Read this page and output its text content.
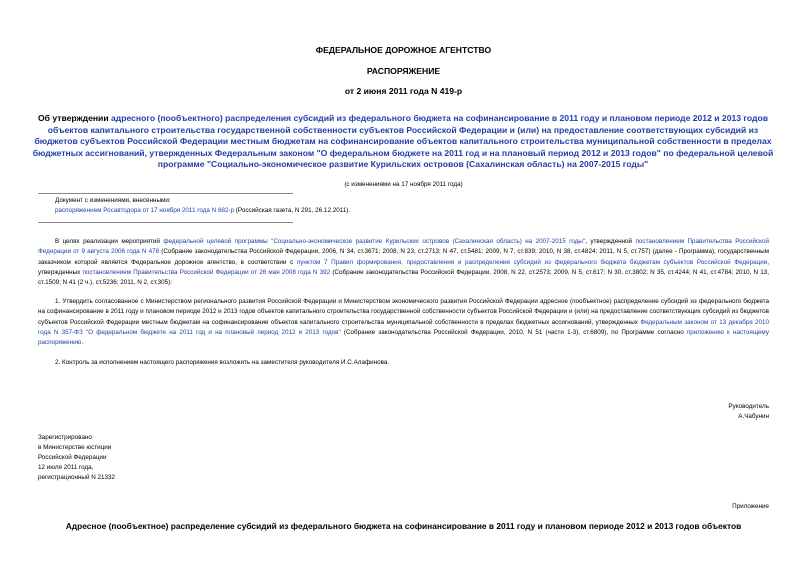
ФЕДЕРАЛЬНОЕ ДОРОЖНОЕ АГЕНТСТВО
РАСПОРЯЖЕНИЕ
от 2 июня 2011 года N 419-р
Об утверждении адресного (пообъектного) распределения субсидий из федерального бюджета на софинансирование в 2011 году и плановом периоде 2012 и 2013 годов объектов капитального строительства государственной собственности субъектов Российской Федерации и (или) на предоставление соответствующих субсидий из бюджетов субъектов Российской Федерации местным бюджетам на софинансирование объектов капитального строительства муниципальной собственности в пределах бюджетных ассигнований, утвержденных Федеральным законом "О федеральном бюджете на 2011 год и на плановый период 2012 и 2013 годов" по федеральной целевой программе "Социально-экономическое развитие Курильских островов (Сахалинская область) на 2007-2015 годы"
(с изменениями на 17 ноября 2011 года)
Документ с изменениями, внесенными:
распоряжением Росавтодора от 17 ноября 2011 года N 882-р (Российская газета, N 291, 26.12.2011).
В целях реализации мероприятий федеральной целевой программы "Социально-экономическое развитие Курильских островов (Сахалинская область) на 2007-2015 годы", утвержденной постановлением Правительства Российской Федерации от 9 августа 2006 года N 478 (Собрание законодательства Российской Федерации, 2006, N 34, ст.3671; 2008, N 23, ст.2713; N 47, ст.5481; 2009, N 7, ст.839; 2010, N 38, ст.4824; 2011, N 5, ст.757) (далее - Программа), государственным заказчиком которой является Федеральное дорожное агентство, в соответствии с пунктом 7 Правил формирования, предоставления и распределения субсидий из федерального бюджета бюджетам субъектов Российской Федерации, утвержденных постановлением Правительства Российской Федерации от 26 мая 2008 года N 392 (Собрание законодательства Российской Федерации, 2008, N 22, ст.2573; 2009, N 5, ст.617; N 30, ст.3802; N 35, ст.4244; N 41, ст.4784; 2010, N 13, ст.1509; N 41 (2 ч.), ст.5236; 2011, N 2, ст.305):
1. Утвердить согласованное с Министерством регионального развития Российской Федерации и Министерством экономического развития Российской Федерации адресное (пообъектное) распределение субсидий из федерального бюджета на софинансирование в 2011 году и плановом периоде 2012 и 2013 годов объектов капитального строительства государственной собственности субъектов Российской Федерации и (или) на предоставление соответствующих субсидий из бюджетов субъектов Российской Федерации местным бюджетам на софинансирование объектов капитального строительства муниципальной собственности в пределах бюджетных ассигнований, утвержденных Федеральным законом от 13 декабря 2010 года N 357-ФЗ "О федеральном бюджете на 2011 год и на плановый период 2012 и 2013 годов" (Собрание законодательства Российской Федерации, 2010, N 51 (части 1-3), ст.6809), по Программе согласно приложению к настоящему распоряжению.
2. Контроль за исполнением настоящего распоряжения возложить на заместителя руководителя И.С.Алафинова.
Руководитель
А.Чабунин
Зарегистрировано
в Министерстве юстиции
Российской Федерации
12 июля 2011 года,
регистрационный N 21332
Приложение
Адресное (пообъектное) распределение субсидий из федерального бюджета на софинансирование в 2011 году и плановом периоде 2012 и 2013 годов объектов
